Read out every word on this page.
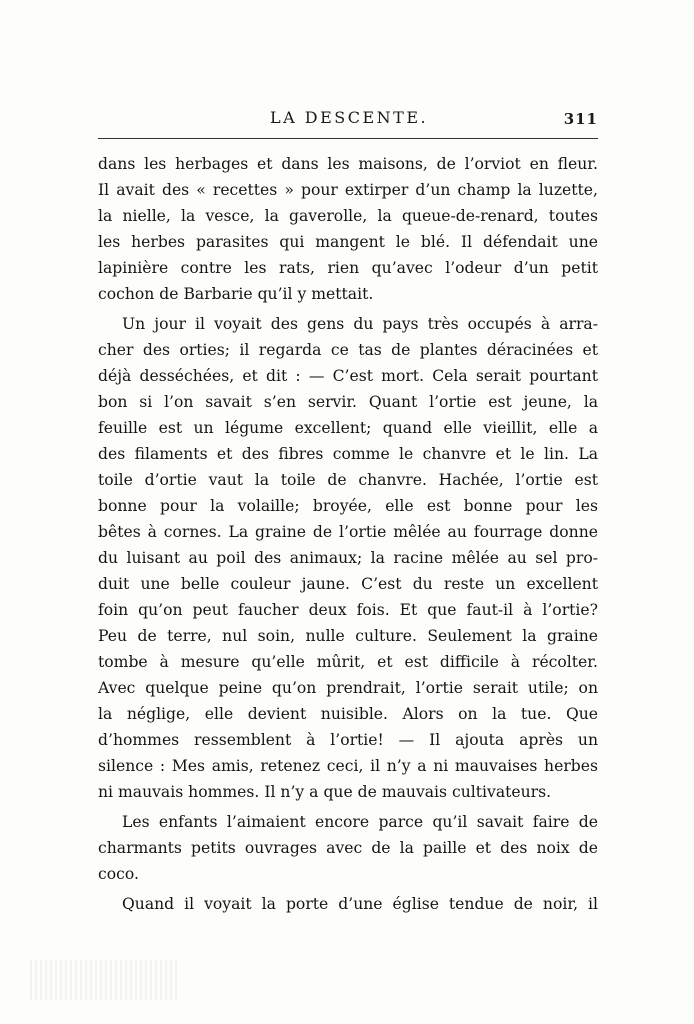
LA DESCENTE.	311
dans les herbages et dans les maisons, de l’orviot en fleur.
Il avait des « recettes » pour extirper d’un champ la luzette,
la nielle, la vesce, la gaverolle, la queue-de-renard, toutes
les herbes parasites qui mangent le blé. Il défendait une
lapinière contre les rats, rien qu’avec l’odeur d’un petit
cochon de Barbarie qu’il y mettait.
Un jour il voyait des gens du pays très occupés à arra-
cher des orties; il regarda ce tas de plantes déracinées et
déjà desséchées, et dit : — C’est mort. Cela serait pourtant
bon si l’on savait s’en servir. Quant l’ortie est jeune, la
feuille est un légume excellent; quand elle vieillit, elle a
des filaments et des fibres comme le chanvre et le lin. La
toile d’ortie vaut la toile de chanvre. Hachée, l’ortie est
bonne pour la volaille; broyée, elle est bonne pour les
bêtes à cornes. La graine de l’ortie mêlée au fourrage donne
du luisant au poil des animaux; la racine mêlée au sel pro-
duit une belle couleur jaune. C’est du reste un excellent
foin qu’on peut faucher deux fois. Et que faut-il à l’ortie?
Peu de terre, nul soin, nulle culture. Seulement la graine
tombe à mesure qu’elle mûrit, et est difficile à récolter.
Avec quelque peine qu’on prendrait, l’ortie serait utile; on
la néglige, elle devient nuisible. Alors on la tue. Que
d’hommes ressemblent à l’ortie! — Il ajouta après un
silence : Mes amis, retenez ceci, il n’y a ni mauvaises herbes
ni mauvais hommes. Il n’y a que de mauvais cultivateurs.
Les enfants l’aimaient encore parce qu’il savait faire de
charmants petits ouvrages avec de la paille et des noix de
coco.
Quand il voyait la porte d’une église tendue de noir, il
